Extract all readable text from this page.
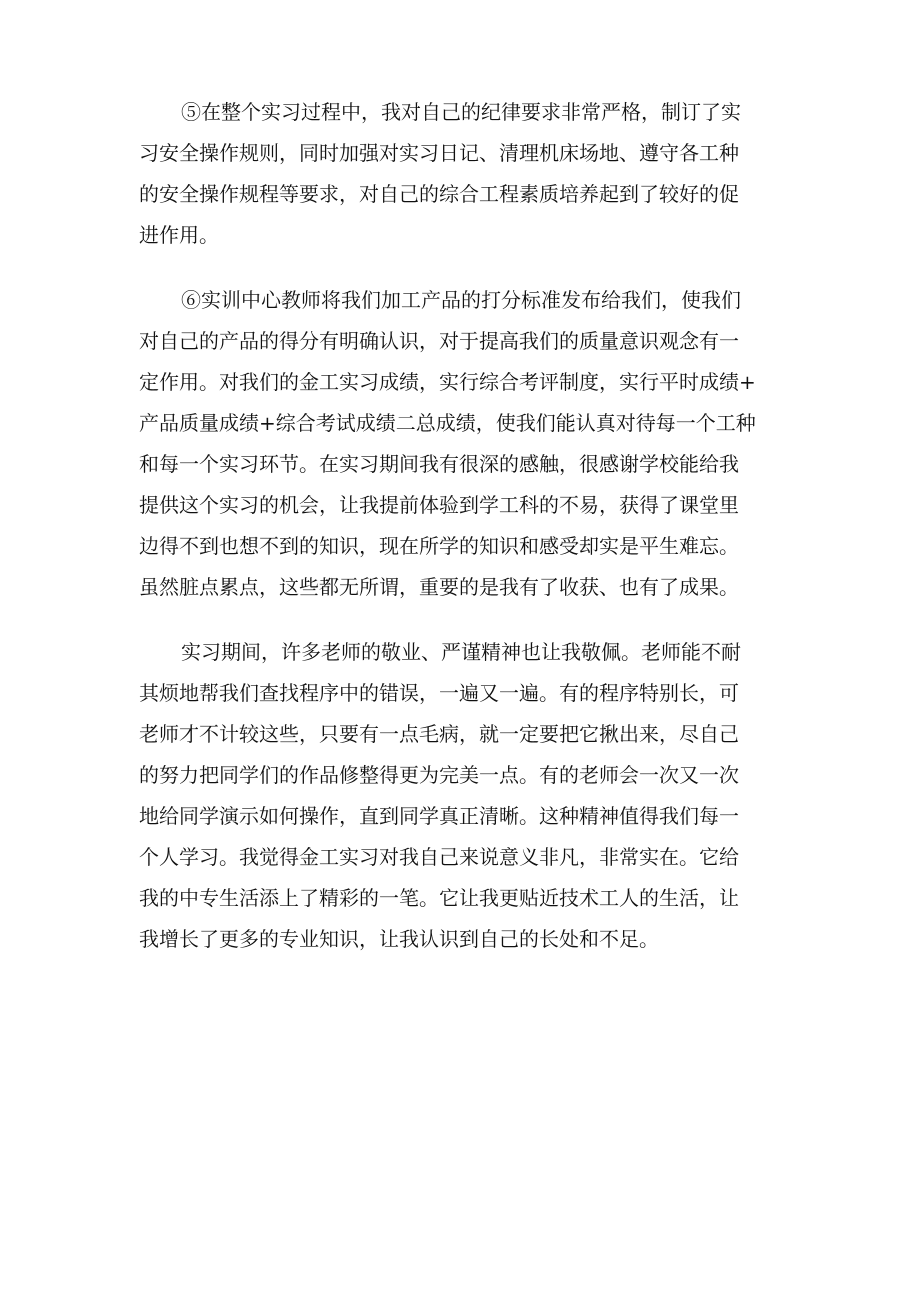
⑤在整个实习过程中，我对自己的纪律要求非常严格，制订了实
习安全操作规则，同时加强对实习日记、清理机床场地、遵守各工种
的安全操作规程等要求，对自己的综合工程素质培养起到了较好的促
进作用。

⑥实训中心教师将我们加工产品的打分标准发布给我们，使我们
对自己的产品的得分有明确认识，对于提高我们的质量意识观念有一
定作用。对我们的金工实习成绩，实行综合考评制度，实行平时成绩+
产品质量成绩+综合考试成绩二总成绩，使我们能认真对待每一个工种
和每一个实习环节。在实习期间我有很深的感触，很感谢学校能给我
提供这个实习的机会，让我提前体验到学工科的不易，获得了课堂里
边得不到也想不到的知识，现在所学的知识和感受却实是平生难忘。
虽然脏点累点，这些都无所谓，重要的是我有了收获、也有了成果。

实习期间，许多老师的敬业、严谨精神也让我敬佩。老师能不耐
其烦地帮我们查找程序中的错误，一遍又一遍。有的程序特别长，可
老师才不计较这些，只要有一点毛病，就一定要把它揪出来，尽自己
的努力把同学们的作品修整得更为完美一点。有的老师会一次又一次
地给同学演示如何操作，直到同学真正清晰。这种精神值得我们每一
个人学习。我觉得金工实习对我自己来说意义非凡，非常实在。它给
我的中专生活添上了精彩的一笔。它让我更贴近技术工人的生活，让
我增长了更多的专业知识，让我认识到自己的长处和不足。
